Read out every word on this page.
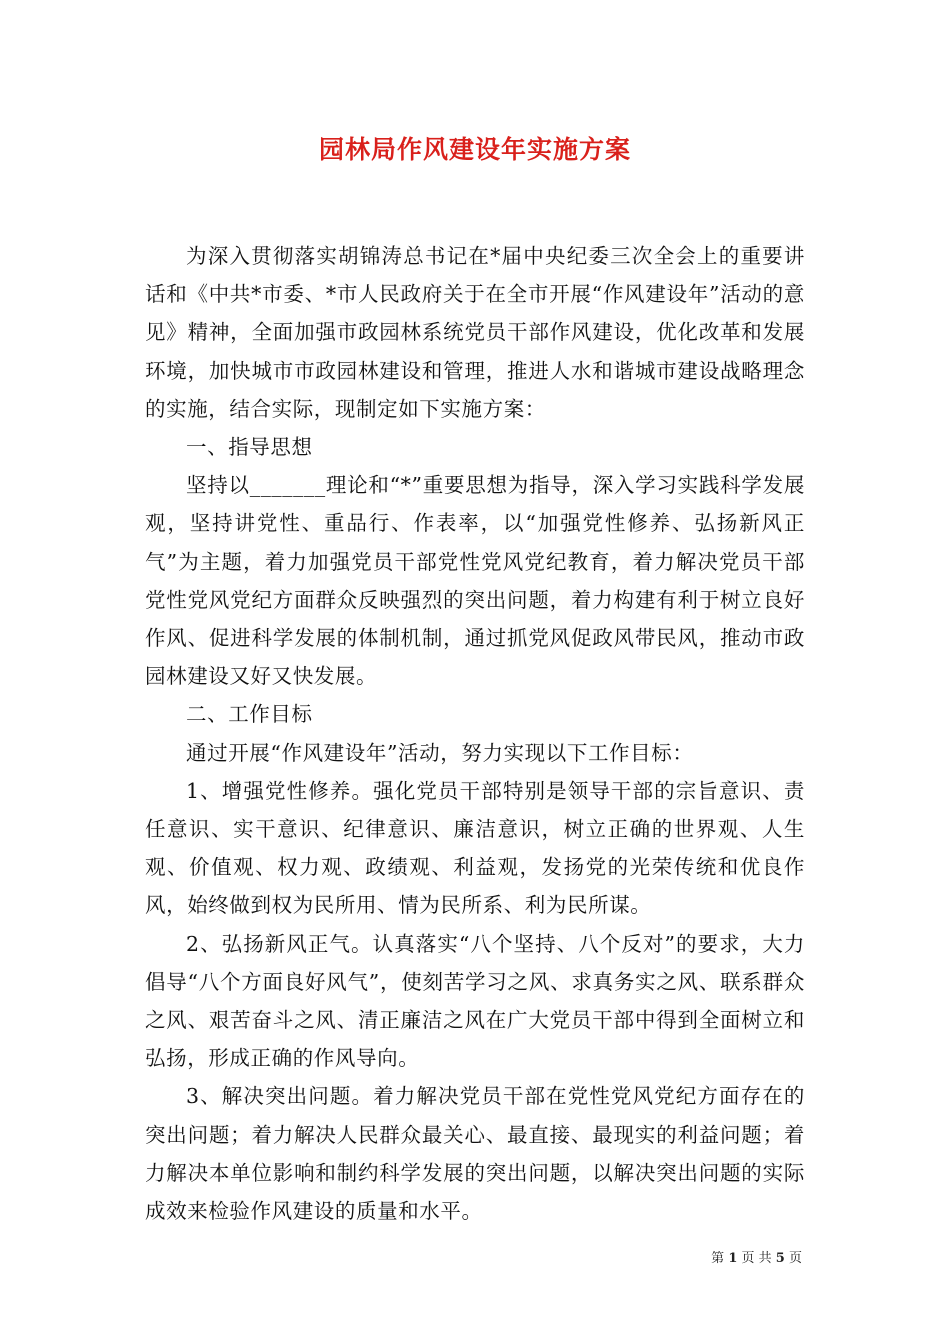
园林局作风建设年实施方案

为深入贯彻落实胡锦涛总书记在*届中央纪委三次全会上的重要讲话和《中共*市委、*市人民政府关于在全市开展“作风建设年”活动的意见》精神，全面加强市政园林系统党员干部作风建设，优化改革和发展环境，加快城市市政园林建设和管理，推进人水和谐城市建设战略理念的实施，结合实际，现制定如下实施方案：

一、指导思想

坚持以_______理论和“*”重要思想为指导，深入学习实践科学发展观，坚持讲党性、重品行、作表率，以“加强党性修养、弘扬新风正气”为主题，着力加强党员干部党性党风党纪教育，着力解决党员干部党性党风党纪方面群众反映强烈的突出问题，着力构建有利于树立良好作风、促进科学发展的体制机制，通过抓党风促政风带民风，推动市政园林建设又好又快发展。

二、工作目标

通过开展“作风建设年”活动，努力实现以下工作目标：

1、增强党性修养。强化党员干部特别是领导干部的宗旨意识、责任意识、实干意识、纪律意识、廉洁意识，树立正确的世界观、人生观、价值观、权力观、政绩观、利益观，发扬党的光荣传统和优良作风，始终做到权为民所用、情为民所系、利为民所谋。

2、弘扬新风正气。认真落实“八个坚持、八个反对”的要求，大力倡导“八个方面良好风气”，使刻苦学习之风、求真务实之风、联系群众之风、艰苦奋斗之风、清正廉洁之风在广大党员干部中得到全面树立和弘扬，形成正确的作风导向。

3、解决突出问题。着力解决党员干部在党性党风党纪方面存在的突出问题；着力解决人民群众最关心、最直接、最现实的利益问题；着力解决本单位影响和制约科学发展的突出问题，以解决突出问题的实际成效来检验作风建设的质量和水平。

第 1 页 共 5 页
